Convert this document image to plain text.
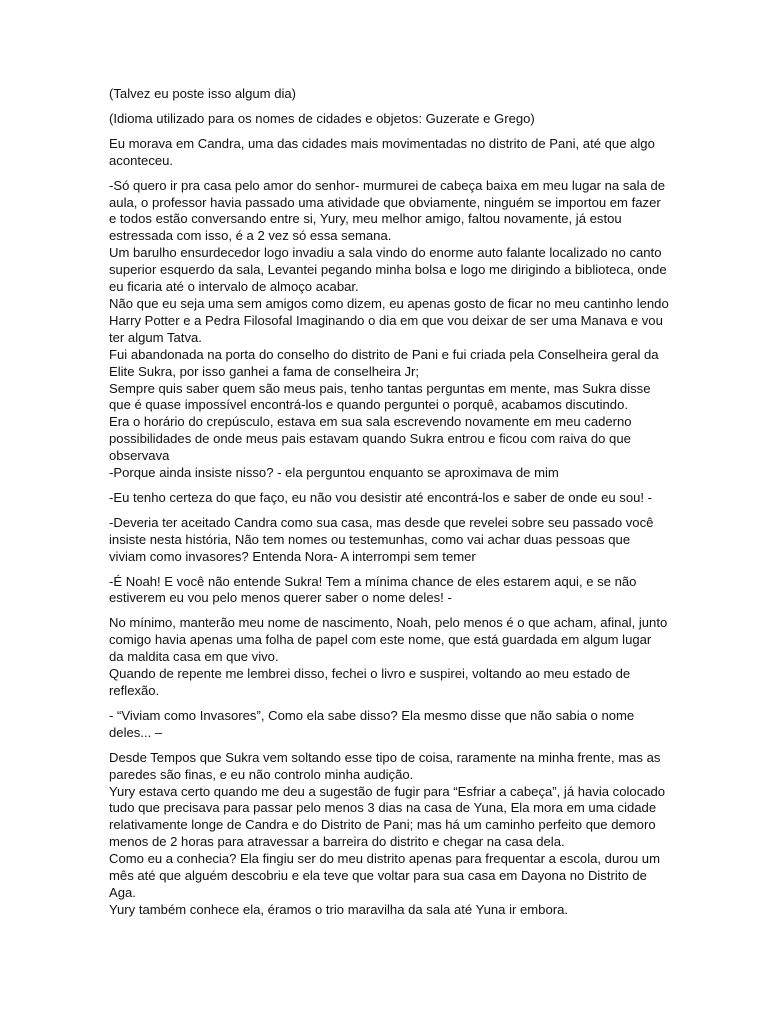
(Talvez eu poste isso algum dia)

(Idioma utilizado para os nomes de cidades e objetos: Guzerate e Grego)

Eu morava em Candra, uma das cidades mais movimentadas no distrito de Pani, até que algo aconteceu.

-Só quero ir pra casa pelo amor do senhor- murmurei de cabeça baixa em meu lugar na sala de aula, o professor havia passado uma atividade que obviamente, ninguém se importou em fazer e todos estão conversando entre si, Yury, meu melhor amigo, faltou novamente, já estou estressada com isso, é a 2 vez só essa semana.

Um barulho ensurdecedor logo invadiu a sala vindo do enorme auto falante localizado no canto superior esquerdo da sala, Levantei pegando minha bolsa e logo me dirigindo a biblioteca, onde eu ficaria até o intervalo de almoço acabar.

Não que eu seja uma sem amigos como dizem, eu apenas gosto de ficar no meu cantinho lendo Harry Potter e a Pedra Filosofal Imaginando o dia em que vou deixar de ser uma Manava e vou ter algum Tatva.

Fui abandonada na porta do conselho do distrito de Pani e fui criada pela Conselheira geral da Elite Sukra, por isso ganhei a fama de conselheira Jr;

Sempre quis saber quem são meus pais, tenho tantas perguntas em mente, mas Sukra disse que é quase impossível encontrá-los e quando perguntei o porquê, acabamos discutindo.

Era o horário do crepúsculo, estava em sua sala escrevendo novamente em meu caderno possibilidades de onde meus pais estavam quando Sukra entrou e ficou com raiva do que observava

-Porque ainda insiste nisso? - ela perguntou enquanto se aproximava de mim

-Eu tenho certeza do que faço, eu não vou desistir até encontrá-los e saber de onde eu sou! -

-Deveria ter aceitado Candra como sua casa, mas desde que revelei sobre seu passado você insiste nesta história, Não tem nomes ou testemunhas, como vai achar duas pessoas que viviam como invasores? Entenda Nora- A interrompi sem temer

-É Noah! E você não entende Sukra! Tem a mínima chance de eles estarem aqui, e se não estiverem eu vou pelo menos querer saber o nome deles! -

No mínimo, manterão meu nome de nascimento, Noah, pelo menos é o que acham, afinal, junto comigo havia apenas uma folha de papel com este nome, que está guardada em algum lugar da maldita casa em que vivo.

Quando de repente me lembrei disso, fechei o livro e suspirei, voltando ao meu estado de reflexão.

- “Viviam como Invasores”, Como ela sabe disso? Ela mesmo disse que não sabia o nome deles... –

Desde Tempos que Sukra vem soltando esse tipo de coisa, raramente na minha frente, mas as paredes são finas, e eu não controlo minha audição.

Yury estava certo quando me deu a sugestão de fugir para “Esfriar a cabeça”, já havia colocado tudo que precisava para passar pelo menos 3 dias na casa de Yuna, Ela mora em uma cidade relativamente longe de Candra e do Distrito de Pani; mas há um caminho perfeito que demoro menos de 2 horas para atravessar a barreira do distrito e chegar na casa dela.

Como eu a conhecia? Ela fingiu ser do meu distrito apenas para frequentar a escola, durou um mês até que alguém descobriu e ela teve que voltar para sua casa em Dayona no Distrito de Aga.

Yury também conhece ela, éramos o trio maravilha da sala até Yuna ir embora.
